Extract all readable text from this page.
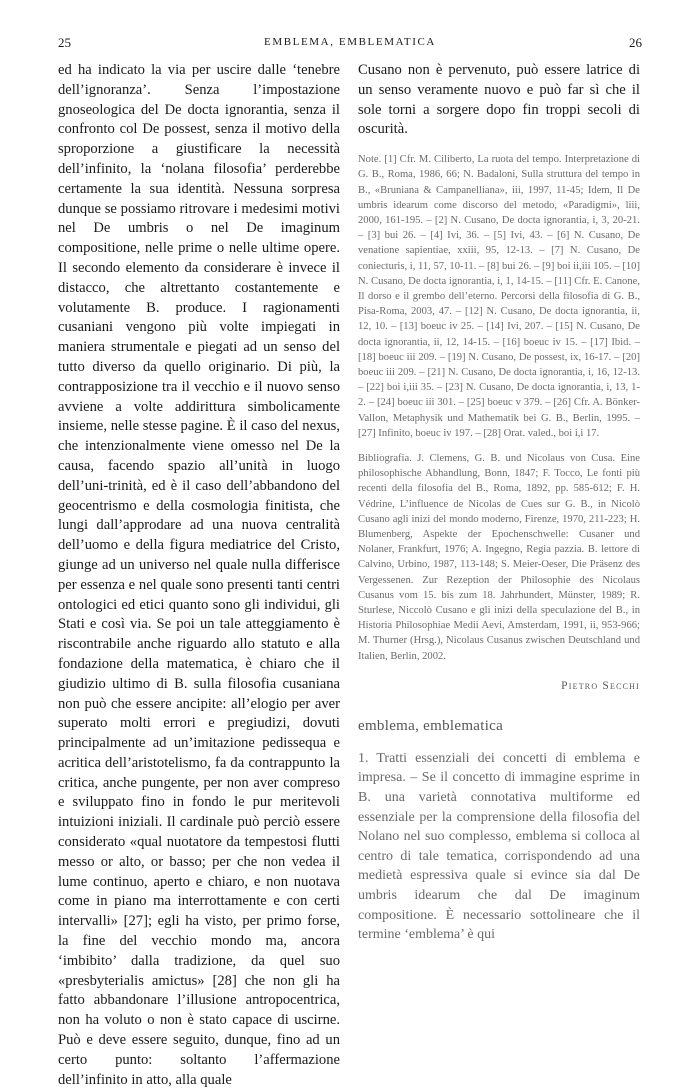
25	EMBLEMA, EMBLEMATICA	26

ed ha indicato la via per uscire dalle ‘tenebre dell’ignoranza’. Senza l’impostazione gnoseologica del De docta ignorantia, senza il confronto col De possest, senza il motivo della sproporzione a giustificare la necessità dell’infinito, la ‘nolana filosofia’ perderebbe certamente la sua identità. Nessuna sorpresa dunque se possiamo ritrovare i medesimi motivi nel De umbris o nel De imaginum compositione, nelle prime o nelle ultime opere. Il secondo elemento da considerare è invece il distacco, che altrettanto costantemente e volutamente B. produce. I ragionamenti cusaniani vengono più volte impiegati in maniera strumentale e piegati ad un senso del tutto diverso da quello originario. Di più, la contrapposizione tra il vecchio e il nuovo senso avviene a volte addirittura simbolicamente insieme, nelle stesse pagine. È il caso del nexus, che intenzionalmente viene omesso nel De la causa, facendo spazio all’unità in luogo dell’uni-trinità, ed è il caso dell’abbandono del geocentrismo e della cosmologia finitista, che lungi dall’approdare ad una nuova centralità dell’uomo e della figura mediatrice del Cristo, giunge ad un universo nel quale nulla differisce per essenza e nel quale sono presenti tanti centri ontologici ed etici quanto sono gli individui, gli Stati e così via. Se poi un tale atteggiamento è riscontrabile anche riguardo allo statuto e alla fondazione della matematica, è chiaro che il giudizio ultimo di B. sulla filosofia cusaniana non può che essere ancipite: all’elogio per aver superato molti errori e pregiudizi, dovuti principalmente ad un’imitazione pedissequa e acritica dell’aristotelismo, fa da contrappunto la critica, anche pungente, per non aver compreso e sviluppato fino in fondo le pur meritevoli intuizioni iniziali. Il cardinale può perciò essere considerato «qual nuotatore da tempestosi flutti messo or alto, or basso; per che non vedea il lume continuo, aperto e chiaro, e non nuotava come in piano ma interrottamente e con certi intervalli» [27]; egli ha visto, per primo forse, la fine del vecchio mondo ma, ancora ‘imbibito’ dalla tradizione, da quel suo «presbyterialis amictus» [28] che non gli ha fatto abbandonare l’illusione antropocentrica, non ha voluto o non è stato capace di uscirne. Può e deve essere seguito, dunque, fino ad un certo punto: soltanto l’affermazione dell’infinito in atto, alla quale

Cusano non è pervenuto, può essere latrice di un senso veramente nuovo e può far sì che il sole torni a sorgere dopo fin troppi secoli di oscurità.

Note. [1] Cfr. M. Ciliberto, La ruota del tempo. Interpretazione di G. B., Roma, 1986, 66; N. Badaloni, Sulla struttura del tempo in B., «Bruniana & Campanelliana», iii, 1997, 11-45; Idem, Il De umbris idearum come discorso del metodo, «Paradigmi», liii, 2000, 161-195. – [2] N. Cusano, De docta ignorantia, i, 3, 20-21. – [3] bui 26. – [4] Ivi, 36. – [5] Ivi, 43. – [6] N. Cusano, De venatione sapientiae, xxiii, 95, 12-13. – [7] N. Cusano, De coniecturis, i, 11, 57, 10-11. – [8] bui 26. – [9] boi ii,iii 105. – [10] N. Cusano, De docta ignorantia, i, 1, 14-15. – [11] Cfr. E. Canone, Il dorso e il grembo dell’eterno. Percorsi della filosofia di G. B., Pisa-Roma, 2003, 47. – [12] N. Cusano, De docta ignorantia, ii, 12, 10. – [13] boeuc iv 25. – [14] Ivi, 207. – [15] N. Cusano, De docta ignorantia, ii, 12, 14-15. – [16] boeuc iv 15. – [17] Ibid. – [18] boeuc iii 209. – [19] N. Cusano, De possest, ix, 16-17. – [20] boeuc iii 209. – [21] N. Cusano, De docta ignorantia, i, 16, 12-13. – [22] boi i,iii 35. – [23] N. Cusano, De docta ignorantia, i, 13, 1-2. – [24] boeuc iii 301. – [25] boeuc v 379. – [26] Cfr. A. Bönker-Vallon, Metaphysik und Mathematik bei G. B., Berlin, 1995. – [27] Infinito, boeuc iv 197. – [28] Orat. valed., boi i,i 17.

Bibliografia. J. Clemens, G. B. und Nicolaus von Cusa. Eine philosophische Abhandlung, Bonn, 1847; F. Tocco, Le fonti più recenti della filosofia del B., Roma, 1892, pp. 585-612; F. H. Védrine, L’influence de Nicolas de Cues sur G. B., in Nicolò Cusano agli inizi del mondo moderno, Firenze, 1970, 211-223; H. Blumenberg, Aspekte der Epochenschwelle: Cusaner und Nolaner, Frankfurt, 1976; A. Ingegno, Regia pazzia. B. lettore di Calvino, Urbino, 1987, 113-148; S. Meier-Oeser, Die Präsenz des Vergessenen. Zur Rezeption der Philosophie des Nicolaus Cusanus vom 15. bis zum 18. Jahrhundert, Münster, 1989; R. Sturlese, Niccolò Cusano e gli inizi della speculazione del B., in Historia Philosophiae Medii Aevi, Amsterdam, 1991, ii, 953-966; M. Thurner (Hrsg.), Nicolaus Cusanus zwischen Deutschland und Italien, Berlin, 2002.

Pietro Secchi

emblema, emblematica

1. Tratti essenziali dei concetti di emblema e impresa. – Se il concetto di immagine esprime in B. una varietà connotativa multiforme ed essenziale per la comprensione della filosofia del Nolano nel suo complesso, emblema si colloca al centro di tale tematica, corrispondendo ad una medietà espressiva quale si evince sia dal De umbris idearum che dal De imaginum compositione. È necessario sottolineare che il termine ‘emblema’ è qui
